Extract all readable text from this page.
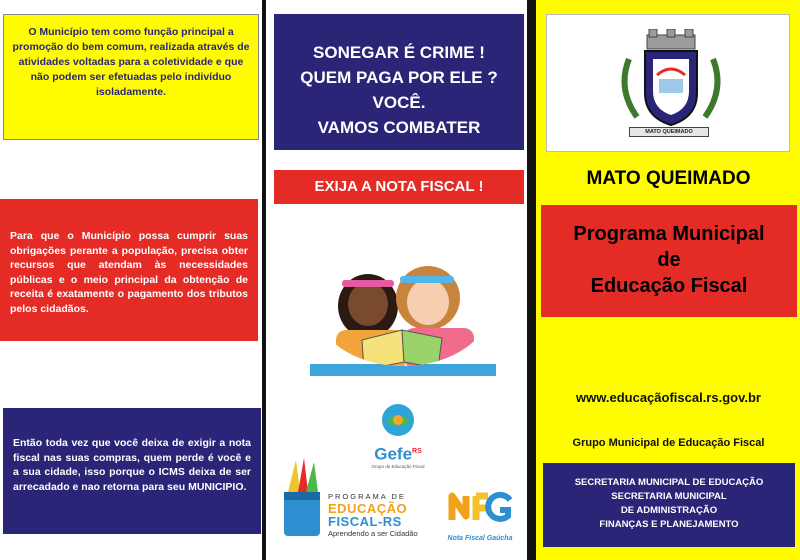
O Município tem como função principal a promoção do bem comum, realizada através de atividades voltadas para a coletividade e que não podem ser efetuadas pelo indivíduo isoladamente.

Para que o Município possa cumprir suas obrigações perante a população, precisa obter recursos que atendam às necessidades públicas e o meio principal da obtenção de receita é exatamente o pagamento dos tributos pelos cidadãos.

Então toda vez que você deixa de exigir a nota fiscal nas suas compras, quem perde é você e a sua cidade, isso porque o ICMS deixa de ser arrecadado e nao retorna para seu MUNICIPIO.

SONEGAR É CRIME !
QUEM PAGA POR ELE ?
VOCÊ.
VAMOS COMBATER
EXIJA A NOTA FISCAL !
Gefe$^{RS}$
Grupo de Educação Fiscal
PROGRAMA DE
EDUCAÇÃO
FISCAL-RS
Aprendendo a ser Cidadão
Nota Fiscal Gaúcha
MATO QUEIMADO
MATO QUEIMADO
Programa Municipal
de
Educação Fiscal
www.educaçãofiscal.rs.gov.br
Grupo Municipal de Educação Fiscal
SECRETARIA MUNICIPAL DE EDUCAÇÃO
SECRETARIA MUNICIPAL
DE ADMINISTRAÇÃO
FINANÇAS E PLANEJAMENTO
